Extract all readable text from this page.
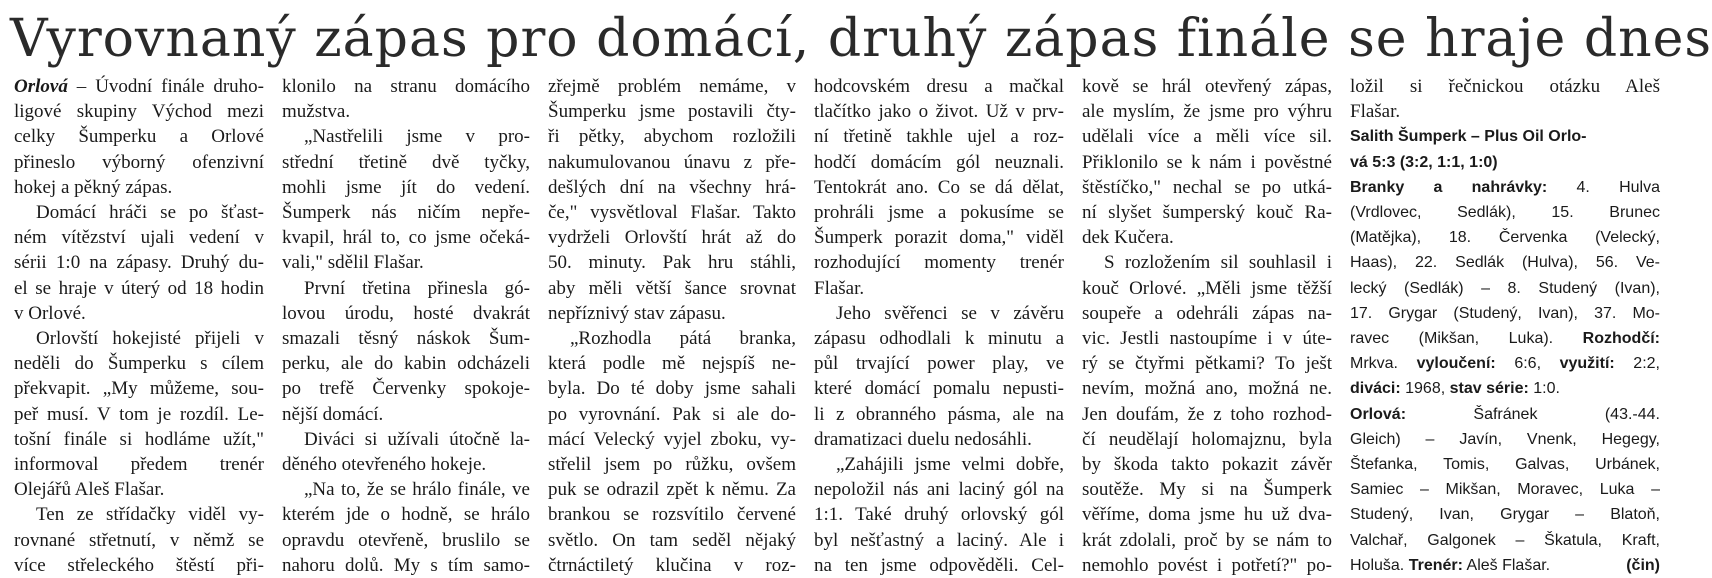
Vyrovnaný zápas pro domácí, druhý zápas finále se hraje dnes
Orlová – Úvodní finále druho-
ligové skupiny Východ mezi
celky Šumperku a Orlové
přineslo výborný ofenzivní
hokej a pěkný zápas.
Domácí hráči se po šťast-
ném vítězství ujali vedení v
sérii 1:0 na zápasy. Druhý du-
el se hraje v úterý od 18 hodin
v Orlové.
Orlovští hokejisté přijeli v
neděli do Šumperku s cílem
překvapit. „My můžeme, sou-
peř musí. V tom je rozdíl. Le-
tošní finále si hodláme užít,"
informoval předem trenér
Olejářů Aleš Flašar.
Ten ze střídačky viděl vy-
rovnané střetnutí, v němž se
více střeleckého štěstí při-
klonilo na stranu domácího
mužstva.
„Nastřelili jsme v pro-
střední třetině dvě tyčky,
mohli jsme jít do vedení.
Šumperk nás ničím nepře-
kvapil, hrál to, co jsme očeká-
vali," sdělil Flašar.
První třetina přinesla gó-
lovou úrodu, hosté dvakrát
smazali těsný náskok Šum-
perku, ale do kabin odcházeli
po trefě Červenky spokoje-
nější domácí.
Diváci si užívali útočně la-
děného otevřeného hokeje.
„Na to, že se hrálo finále, ve
kterém jde o hodně, se hrálo
opravdu otevřeně, bruslilo se
nahoru dolů. My s tím samo-
zřejmě problém nemáme, v
Šumperku jsme postavili čty-
ři pětky, abychom rozložili
nakumulovanou únavu z pře-
dešlých dní na všechny hrá-
če," vysvětloval Flašar. Takto
vydrželi Orlovští hrát až do
50. minuty. Pak hru stáhli,
aby měli větší šance srovnat
nepříznivý stav zápasu.
„Rozhodla pátá branka,
která podle mě nejspíš ne-
byla. Do té doby jsme sahali
po vyrovnání. Pak si ale do-
mácí Velecký vyjel zboku, vy-
střelil jsem po růžku, ovšem
puk se odrazil zpět k němu. Za
brankou se rozsvítilo červené
světlo. On tam seděl nějaký
čtrnáctiletý klučina v roz-
hodcovském dresu a mačkal
tlačítko jako o život. Už v prv-
ní třetině takhle ujel a roz-
hodčí domácím gól neuznali.
Tentokrát ano. Co se dá dělat,
prohráli jsme a pokusíme se
Šumperk porazit doma," viděl
rozhodující momenty trenér
Flašar.
Jeho svěřenci se v závěru
zápasu odhodlali k minutu a
půl trvající power play, ve
které domácí pomalu nepusti-
li z obranného pásma, ale na
dramatizaci duelu nedosáhli.
„Zahájili jsme velmi dobře,
nepoložil nás ani laciný gól na
1:1. Také druhý orlovský gól
byl nešťastný a laciný. Ale i
na ten jsme odpověděli. Cel-
kově se hrál otevřený zápas,
ale myslím, že jsme pro výhru
udělali více a měli více sil.
Přiklonilo se k nám i pověstné
štěstíčko," nechal se po utká-
ní slyšet šumperský kouč Ra-
dek Kučera.
S rozložením sil souhlasil i
kouč Orlové. „Měli jsme těžší
soupeře a odehráli zápas na-
vic. Jestli nastoupíme i v úte-
rý se čtyřmi pětkami? To ješt
nevím, možná ano, možná ne.
Jen doufám, že z toho rozhod-
čí neudělají holomajznu, byla
by škoda takto pokazit závěr
soutěže. My si na Šumperk
věříme, doma jsme hu už dva-
krát zdolali, proč by se nám to
nemohlo povést i potřetí?" po-
ložil si řečnickou otázku Aleš
Flašar.
Salith Šumperk – Plus Oil Orlo-
vá 5:3 (3:2, 1:1, 1:0)
Branky a nahrávky: 4. Hulva
(Vrdlovec, Sedlák), 15. Brunec
(Matějka), 18. Červenka (Velecký,
Haas), 22. Sedlák (Hulva), 56. Ve-
lecký (Sedlák) – 8. Studený (Ivan),
17. Grygar (Studený, Ivan), 37. Mo-
ravec (Mikšan, Luka). Rozhodčí:
Mrkva. vyloučení: 6:6, využití: 2:2,
diváci: 1968, stav série: 1:0.
Orlová: Šafránek (43.-44.
Gleich) – Javín, Vnenk, Hegegy,
Štefanka, Tomis, Galvas, Urbánek,
Samiec – Mikšan, Moravec, Luka –
Studený, Ivan, Grygar – Blatoň,
Valchař, Galgonek – Škatula, Kraft,
Holuša. Trenér: Aleš Flašar.	(čin)
